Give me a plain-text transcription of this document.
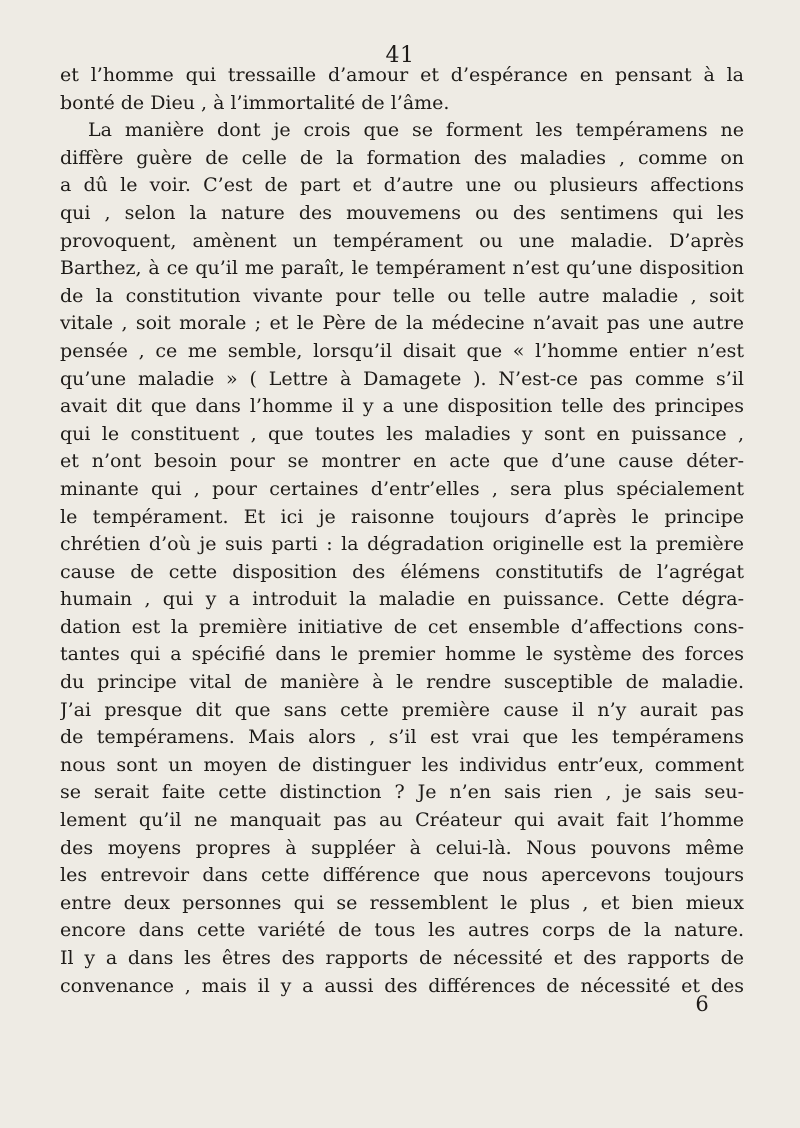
41
et l’homme qui tressaille d’amour et d’espérance en pensant à la
bonté de Dieu , à l’immortalité de l’âme.
La manière dont je crois que se forment les tempéramens ne
diffère guère de celle de la formation des maladies , comme on
a dû le voir. C’est de part et d’autre une ou plusieurs affections
qui , selon la nature des mouvemens ou des sentimens qui les
provoquent, amènent un tempérament ou une maladie. D’après
Barthez, à ce qu’il me paraît, le tempérament n’est qu’une disposition
de la constitution vivante pour telle ou telle autre maladie , soit
vitale , soit morale ; et le Père de la médecine n’avait pas une autre
pensée , ce me semble, lorsqu’il disait que « l’homme entier n’est
qu’une maladie » ( Lettre à Damagete ). N’est-ce pas comme s’il
avait dit que dans l’homme il y a une disposition telle des principes
qui le constituent , que toutes les maladies y sont en puissance ,
et n’ont besoin pour se montrer en acte que d’une cause déter-
minante qui , pour certaines d’entr’elles , sera plus spécialement
le tempérament. Et ici je raisonne toujours d’après le principe
chrétien d’où je suis parti : la dégradation originelle est la première
cause de cette disposition des élémens constitutifs de l’agrégat
humain , qui y a introduit la maladie en puissance. Cette dégra-
dation est la première initiative de cet ensemble d’affections cons-
tantes qui a spécifié dans le premier homme le système des forces
du principe vital de manière à le rendre susceptible de maladie.
J’ai presque dit que sans cette première cause il n’y aurait pas
de tempéramens. Mais alors , s’il est vrai que les tempéramens
nous sont un moyen de distinguer les individus entr’eux, comment
se serait faite cette distinction ? Je n’en sais rien , je sais seu-
lement qu’il ne manquait pas au Créateur qui avait fait l’homme
des moyens propres à suppléer à celui-là. Nous pouvons même
les entrevoir dans cette différence que nous apercevons toujours
entre deux personnes qui se ressemblent le plus , et bien mieux
encore dans cette variété de tous les autres corps de la nature.
Il y a dans les êtres des rapports de nécessité et des rapports de
convenance , mais il y a aussi des différences de nécessité et des
6
